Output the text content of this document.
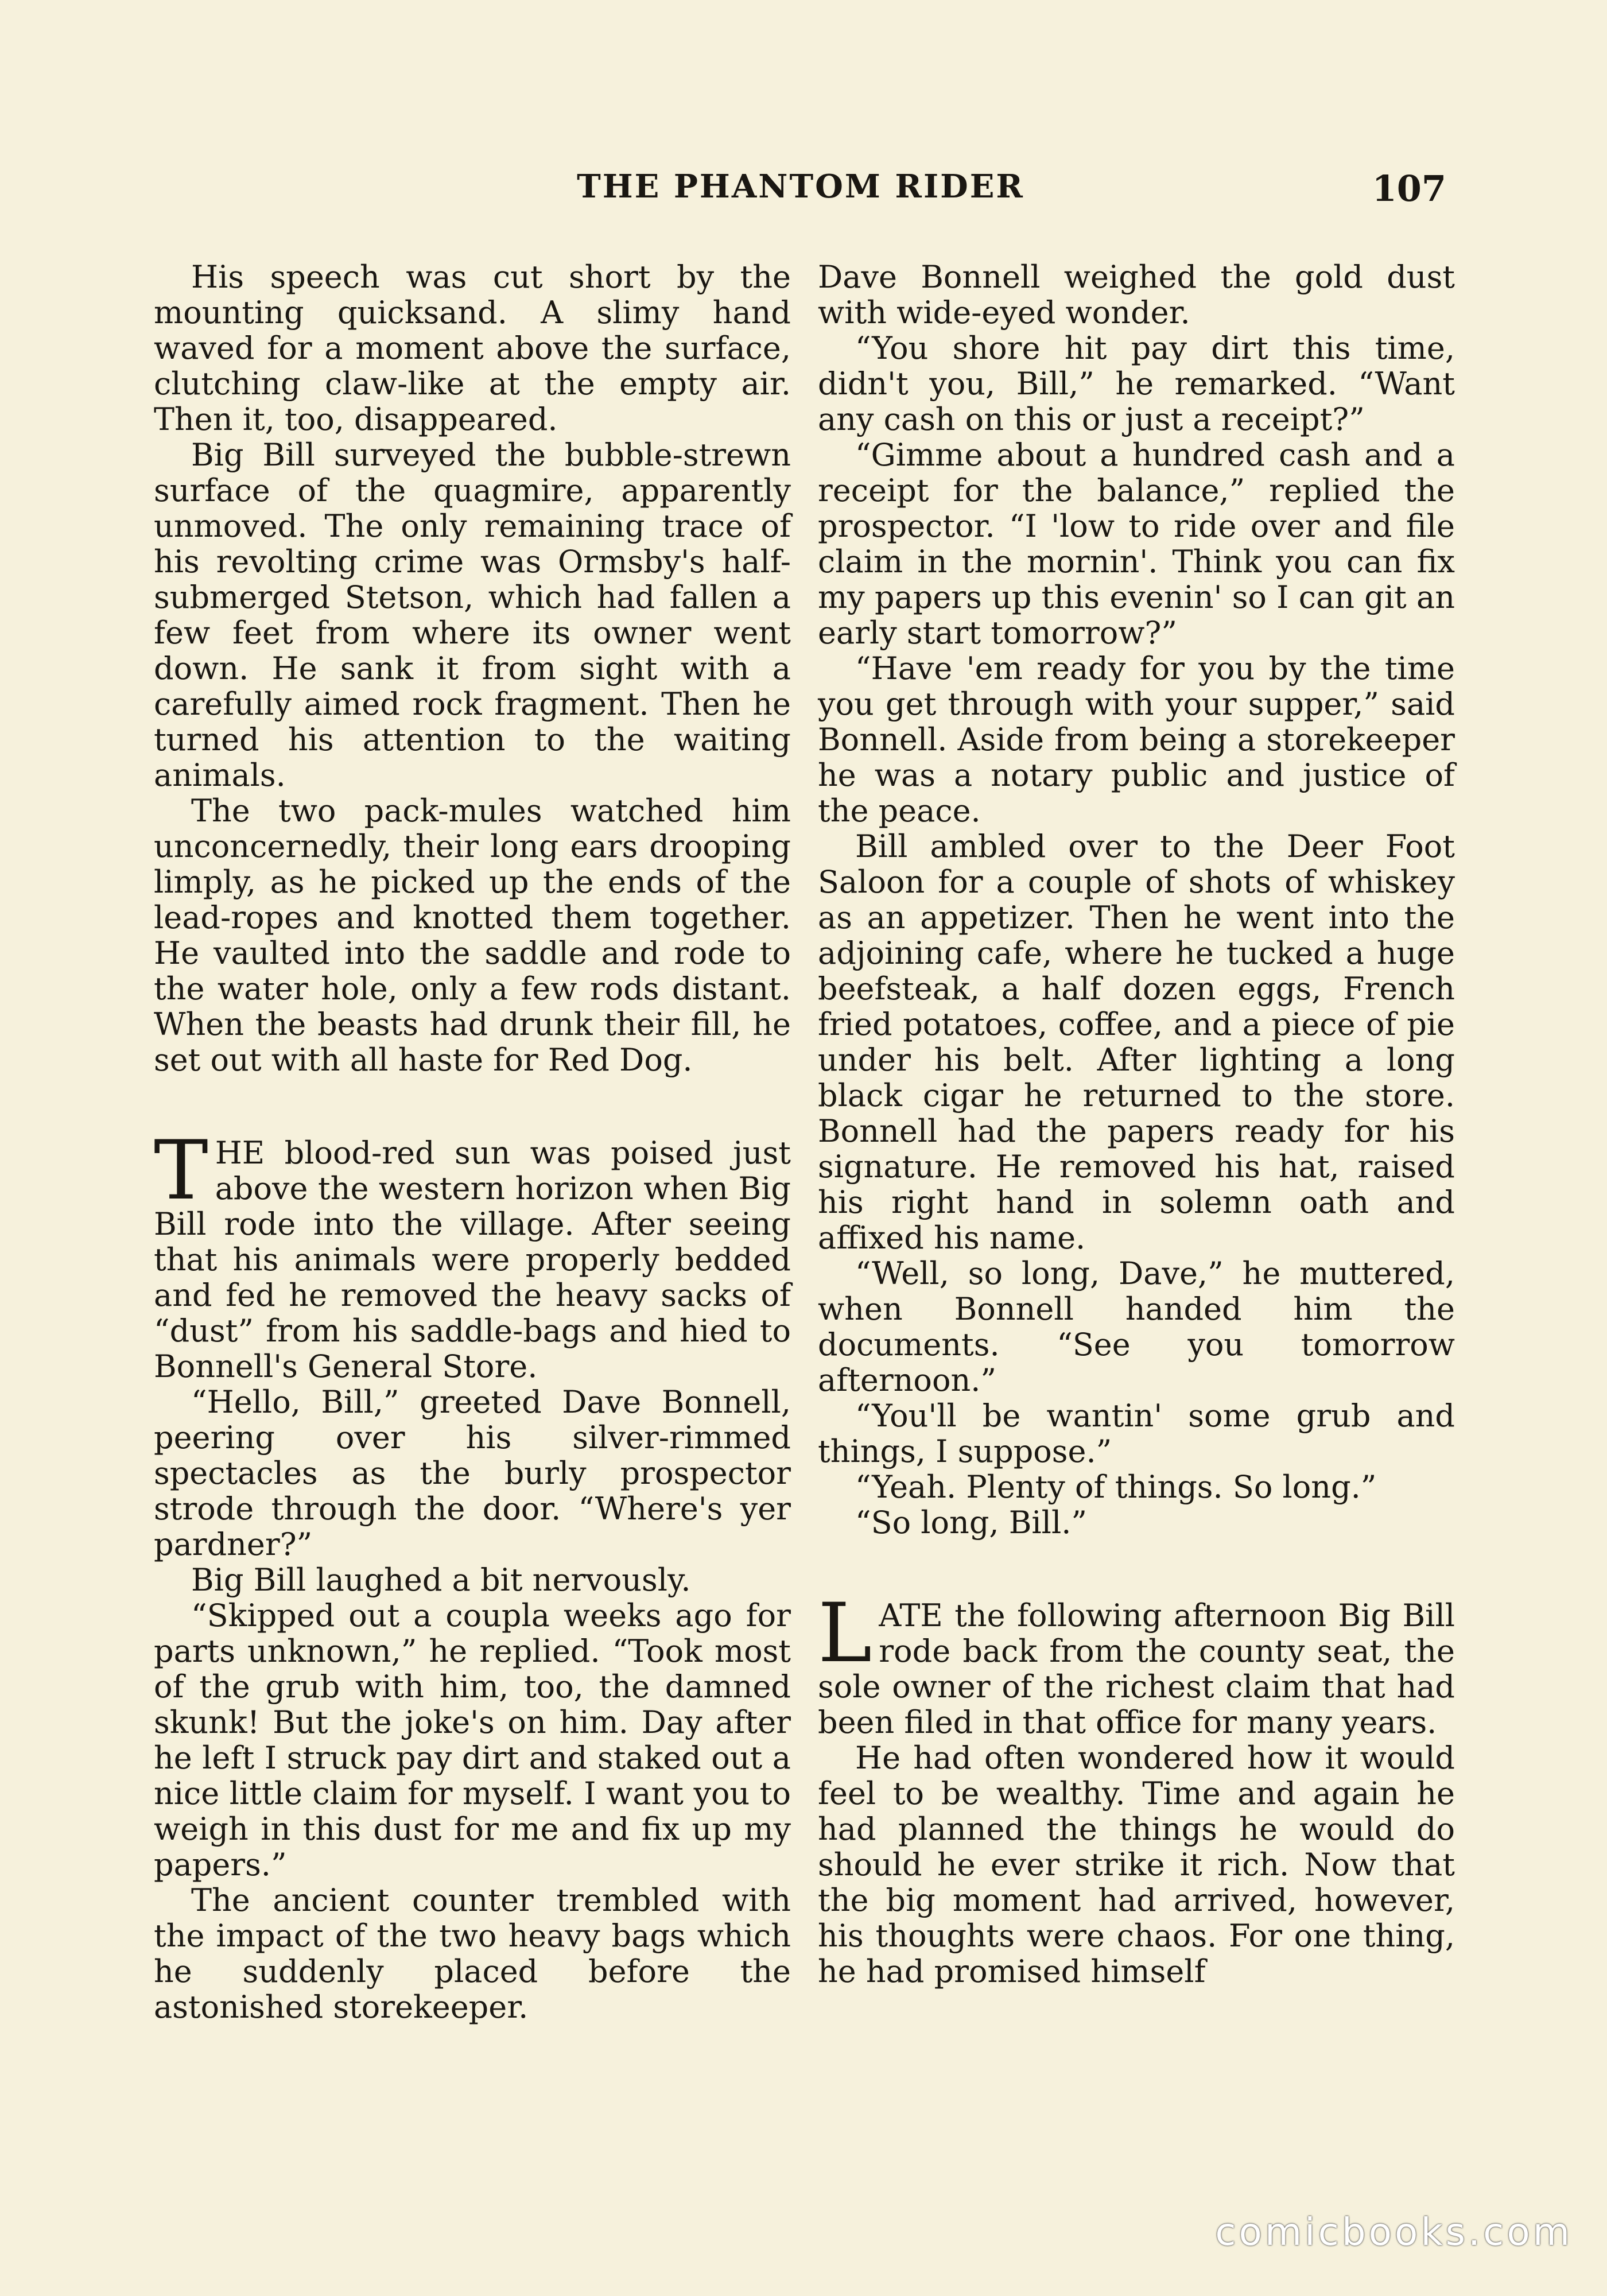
THE PHANTOM RIDER	107

His speech was cut short by the mounting quicksand. A slimy hand waved for a moment above the surface, clutching claw-like at the empty air. Then it, too, disappeared.

Big Bill surveyed the bubble-strewn surface of the quagmire, apparently unmoved. The only remaining trace of his revolting crime was Ormsby's half-submerged Stetson, which had fallen a few feet from where its owner went down. He sank it from sight with a carefully aimed rock fragment. Then he turned his attention to the waiting animals.

The two pack-mules watched him unconcernedly, their long ears drooping limply, as he picked up the ends of the lead-ropes and knotted them together. He vaulted into the saddle and rode to the water hole, only a few rods distant. When the beasts had drunk their fill, he set out with all haste for Red Dog.

THE blood-red sun was poised just above the western horizon when Big Bill rode into the village. After seeing that his animals were properly bedded and fed he removed the heavy sacks of “dust” from his saddle-bags and hied to Bonnell's General Store.

“Hello, Bill,” greeted Dave Bonnell, peering over his silver-rimmed spectacles as the burly prospector strode through the door. “Where's yer pardner?”

Big Bill laughed a bit nervously.

“Skipped out a coupla weeks ago for parts unknown,” he replied. “Took most of the grub with him, too, the damned skunk! But the joke's on him. Day after he left I struck pay dirt and staked out a nice little claim for myself. I want you to weigh in this dust for me and fix up my papers.”

The ancient counter trembled with the impact of the two heavy bags which he suddenly placed before the astonished storekeeper.

Dave Bonnell weighed the gold dust with wide-eyed wonder.

“You shore hit pay dirt this time, didn't you, Bill,” he remarked. “Want any cash on this or just a receipt?”

“Gimme about a hundred cash and a receipt for the balance,” replied the prospector. “I 'low to ride over and file claim in the mornin'. Think you can fix my papers up this evenin' so I can git an early start tomorrow?”

“Have 'em ready for you by the time you get through with your supper,” said Bonnell. Aside from being a storekeeper he was a notary public and justice of the peace.

Bill ambled over to the Deer Foot Saloon for a couple of shots of whiskey as an appetizer. Then he went into the adjoining cafe, where he tucked a huge beefsteak, a half dozen eggs, French fried potatoes, coffee, and a piece of pie under his belt. After lighting a long black cigar he returned to the store. Bonnell had the papers ready for his signature. He removed his hat, raised his right hand in solemn oath and affixed his name.

“Well, so long, Dave,” he muttered, when Bonnell handed him the documents. “See you tomorrow afternoon.”

“You'll be wantin' some grub and things, I suppose.”

“Yeah. Plenty of things. So long.”

“So long, Bill.”

LATE the following afternoon Big Bill rode back from the county seat, the sole owner of the richest claim that had been filed in that office for many years.

He had often wondered how it would feel to be wealthy. Time and again he had planned the things he would do should he ever strike it rich. Now that the big moment had arrived, however, his thoughts were chaos. For one thing, he had promised himself

comicbooks.com
